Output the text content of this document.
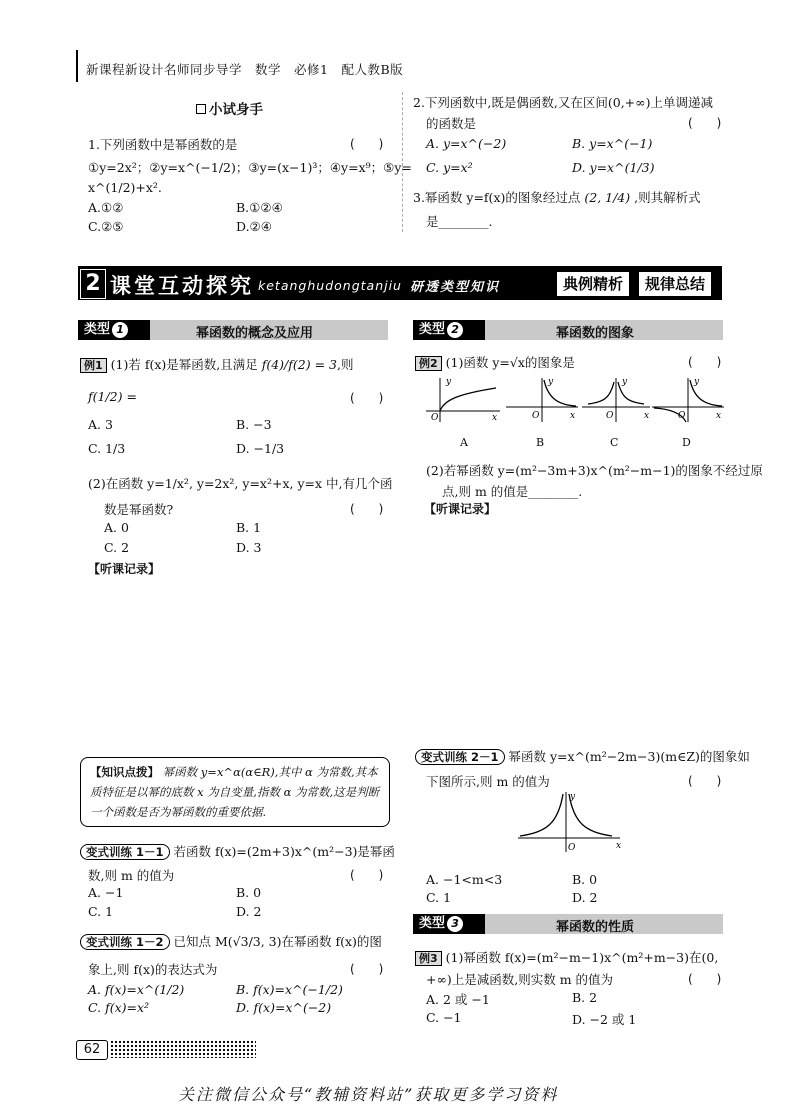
新课程新设计名师同步导学　数学　必修1　配人教B版
小试身手
1.下列函数中是幂函数的是	(　　)
①y=2x²；②y=x^(−1/2)；③y=(x−1)³；④y=x⁹；⑤y=
x^(1/2)+x².
A.①②	B.①②④
C.②⑤	D.②④
2.下列函数中,既是偶函数,又在区间(0,+∞)上单调递减
的函数是	(　　)
A. y=x^(−2)	B. y=x^(−1)
C. y=x²	D. y=x^(1/3)
3.幂函数 y=f(x)的图象经过点 (2, 1/4) ,则其解析式
是________.
2 课堂互动探究 ketanghudongtanjiu 研透类型知识	典例精析	规律总结
类型 1	幂函数的概念及应用
例1 (1)若 f(x)是幂函数,且满足 f(4)/f(2) = 3,则
f(1/2) =	(　　)
A. 3	B. −3
C. 1/3	D. −1/3
(2)在函数 y=1/x², y=2x², y=x²+x, y=x 中,有几个函
数是幂函数?	(　　)
A. 0	B. 1
C. 2	D. 3
【听课记录】
【知识点拨】 幂函数 y=x^α(α∈R),其中 α 为常数,其本质特征是以幂的底数 x 为自变量,指数 α 为常数,这是判断一个函数是否为幂函数的重要依据.
变式训练 1－1 若函数 f(x)=(2m+3)x^(m²−3)是幂函
数,则 m 的值为	(　　)
A. −1	B. 0
C. 1	D. 2
变式训练 1－2 已知点 M(√3/3, 3)在幂函数 f(x)的图
象上,则 f(x)的表达式为	(　　)
A. f(x)=x^(1/2)	B. f(x)=x^(−1/2)
C. f(x)=x²	D. f(x)=x^(−2)
类型 2	幂函数的图象
例2 (1)函数 y=√x的图象是	(　　)
y
x
O
y
x
O
y
x
O
y
x
O
A	B	C	D
(2)若幂函数 y=(m²−3m+3)x^(m²−m−1)的图象不经过原
点,则 m 的值是________.
【听课记录】
变式训练 2－1 幂函数 y=x^(m²−2m−3)(m∈Z)的图象如
下图所示,则 m 的值为	(　　)
y
x
O
A. −1<m<3	B. 0
C. 1	D. 2
类型 3	幂函数的性质
例3 (1)幂函数 f(x)=(m²−m−1)x^(m²+m−3)在(0,
+∞)上是减函数,则实数 m 的值为	(　　)
A. 2 或 −1	B. 2
C. −1	D. −2 或 1
62
关注微信公众号“教辅资料站”获取更多学习资料
